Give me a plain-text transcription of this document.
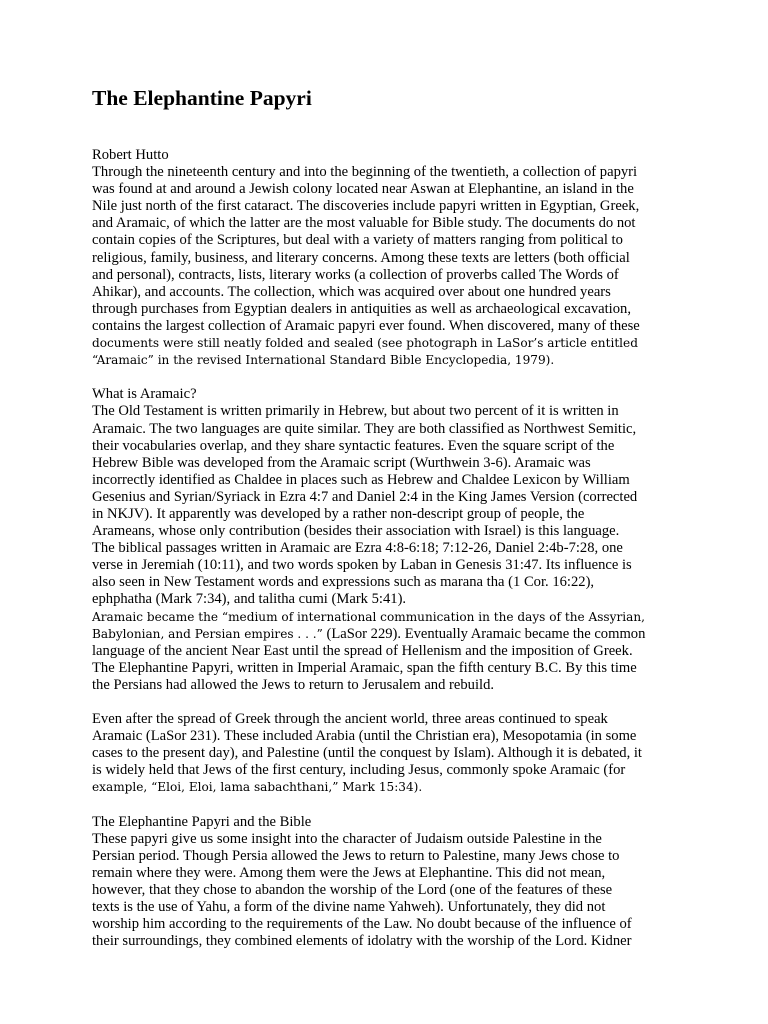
The Elephantine Papyri
Robert Hutto
Through the nineteenth century and into the beginning of the twentieth, a collection of papyri
was found at and around a Jewish colony located near Aswan at Elephantine, an island in the
Nile just north of the first cataract. The discoveries include papyri written in Egyptian, Greek,
and Aramaic, of which the latter are the most valuable for Bible study. The documents do not
contain copies of the Scriptures, but deal with a variety of matters ranging from political to
religious, family, business, and literary concerns. Among these texts are letters (both official
and personal), contracts, lists, literary works (a collection of proverbs called The Words of
Ahikar), and accounts. The collection, which was acquired over about one hundred years
through purchases from Egyptian dealers in antiquities as well as archaeological excavation,
contains the largest collection of Aramaic papyri ever found. When discovered, many of these
documents were still neatly folded and sealed (see photograph in LaSor’s article entitled
“Aramaic” in the revised International Standard Bible Encyclopedia, 1979).
What is Aramaic?
The Old Testament is written primarily in Hebrew, but about two percent of it is written in
Aramaic. The two languages are quite similar. They are both classified as Northwest Semitic,
their vocabularies overlap, and they share syntactic features. Even the square script of the
Hebrew Bible was developed from the Aramaic script (Wurthwein 3-6). Aramaic was
incorrectly identified as Chaldee in places such as Hebrew and Chaldee Lexicon by William
Gesenius and Syrian/Syriack in Ezra 4:7 and Daniel 2:4 in the King James Version (corrected
in NKJV). It apparently was developed by a rather non-descript group of people, the
Arameans, whose only contribution (besides their association with Israel) is this language.
The biblical passages written in Aramaic are Ezra 4:8-6:18; 7:12-26, Daniel 2:4b-7:28, one
verse in Jeremiah (10:11), and two words spoken by Laban in Genesis 31:47. Its influence is
also seen in New Testament words and expressions such as marana tha (1 Cor. 16:22),
ephphatha (Mark 7:34), and talitha cumi (Mark 5:41).
Aramaic became the “medium of international communication in the days of the Assyrian,
Babylonian, and Persian empires . . .” (LaSor 229). Eventually Aramaic became the common
language of the ancient Near East until the spread of Hellenism and the imposition of Greek.
The Elephantine Papyri, written in Imperial Aramaic, span the fifth century B.C. By this time
the Persians had allowed the Jews to return to Jerusalem and rebuild.
Even after the spread of Greek through the ancient world, three areas continued to speak
Aramaic (LaSor 231). These included Arabia (until the Christian era), Mesopotamia (in some
cases to the present day), and Palestine (until the conquest by Islam). Although it is debated, it
is widely held that Jews of the first century, including Jesus, commonly spoke Aramaic (for
example, “Eloi, Eloi, lama sabachthani,” Mark 15:34).
The Elephantine Papyri and the Bible
These papyri give us some insight into the character of Judaism outside Palestine in the
Persian period. Though Persia allowed the Jews to return to Palestine, many Jews chose to
remain where they were. Among them were the Jews at Elephantine. This did not mean,
however, that they chose to abandon the worship of the Lord (one of the features of these
texts is the use of Yahu, a form of the divine name Yahweh). Unfortunately, they did not
worship him according to the requirements of the Law. No doubt because of the influence of
their surroundings, they combined elements of idolatry with the worship of the Lord. Kidner
